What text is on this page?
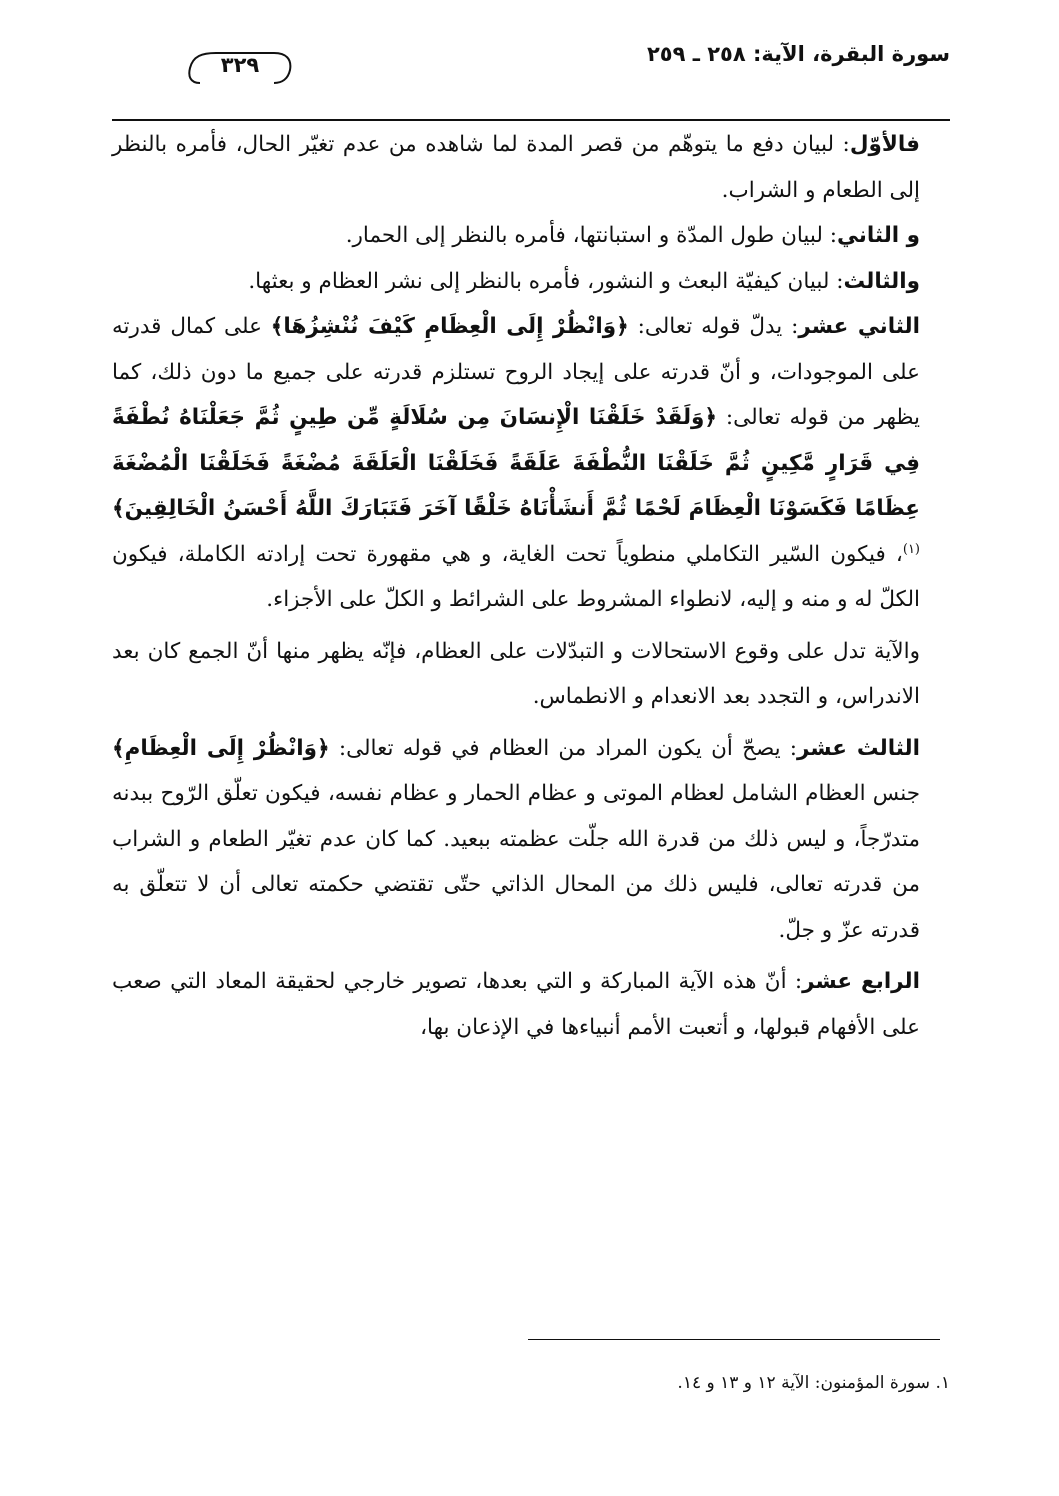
سورة البقرة، الآية: ٢٥٨ ـ ٢٥٩
٣٢٩

فالأوّل: لبيان دفع ما يتوهّم من قصر المدة لما شاهده من عدم تغيّر الحال، فأمره بالنظر إلى الطعام و الشراب.

و الثاني: لبيان طول المدّة و استبانتها، فأمره بالنظر إلى الحمار.

والثالث: لبيان كيفيّة البعث و النشور، فأمره بالنظر إلى نشر العظام و بعثها.

الثاني عشر: يدلّ قوله تعالى: ﴿وَانْظُرْ إِلَى الْعِظَامِ كَيْفَ نُنْشِزُهَا﴾ على كمال قدرته على الموجودات، و أنّ قدرته على إيجاد الروح تستلزم قدرته على جميع ما دون ذلك، كما يظهر من قوله تعالى: ﴿وَلَقَدْ خَلَقْنَا الْإِنسَانَ مِن سُلَالَةٍ مِّن طِينٍ ثُمَّ جَعَلْنَاهُ نُطْفَةً فِي قَرَارٍ مَّكِينٍ ثُمَّ خَلَقْنَا النُّطْفَةَ عَلَقَةً فَخَلَقْنَا الْعَلَقَةَ مُضْغَةً فَخَلَقْنَا الْمُضْغَةَ عِظَامًا فَكَسَوْنَا الْعِظَامَ لَحْمًا ثُمَّ أَنشَأْنَاهُ خَلْقًا آخَرَ فَتَبَارَكَ اللَّهُ أَحْسَنُ الْخَالِقِينَ﴾$^{(١)}$، فيكون السّير التكاملي منطوياً تحت الغاية، و هي مقهورة تحت إرادته الكاملة، فيكون الكلّ له و منه و إليه، لانطواء المشروط على الشرائط و الكلّ على الأجزاء.

والآية تدل على وقوع الاستحالات و التبدّلات على العظام، فإنّه يظهر منها أنّ الجمع كان بعد الاندراس، و التجدد بعد الانعدام و الانطماس.

الثالث عشر: يصحّ أن يكون المراد من العظام في قوله تعالى: ﴿وَانْظُرْ إِلَى الْعِظَامِ﴾ جنس العظام الشامل لعظام الموتى و عظام الحمار و عظام نفسه، فيكون تعلّق الرّوح ببدنه متدرّجاً، و ليس ذلك من قدرة الله جلّت عظمته ببعيد. كما كان عدم تغيّر الطعام و الشراب من قدرته تعالى، فليس ذلك من المحال الذاتي حتّى تقتضي حكمته تعالى أن لا تتعلّق به قدرته عزّ و جلّ.

الرابع عشر: أنّ هذه الآية المباركة و التي بعدها، تصوير خارجي لحقيقة المعاد التي صعب على الأفهام قبولها، و أتعبت الأمم أنبياءها في الإذعان بها،

١. سورة المؤمنون: الآية ١٢ و ١٣ و ١٤.
